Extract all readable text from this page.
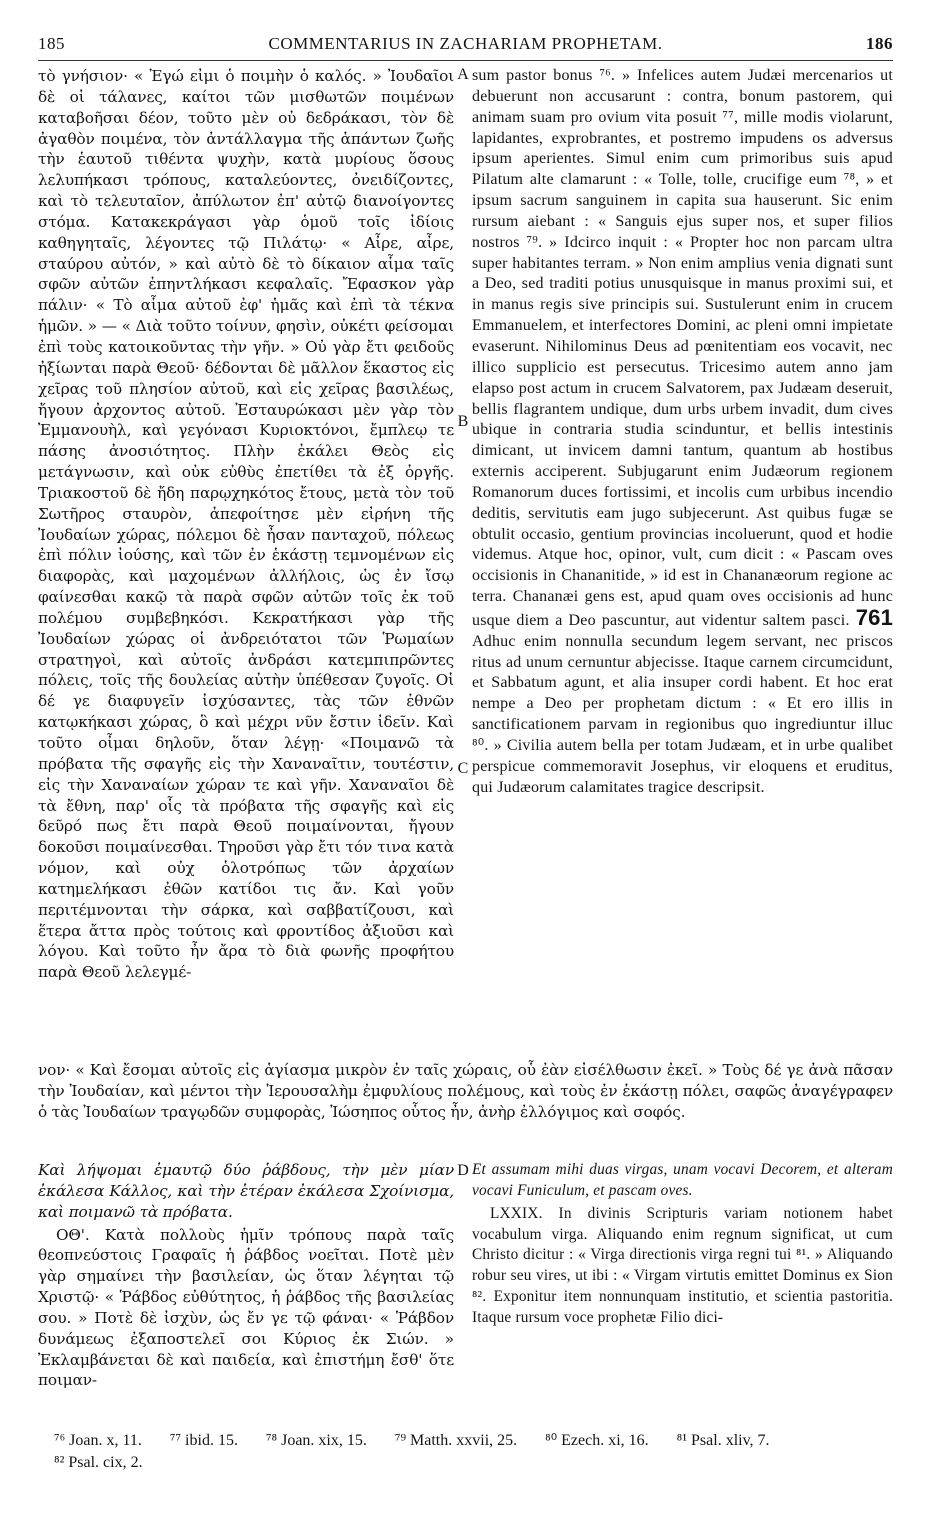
185	COMMENTARIUS IN ZACHARIAM PROPHETAM.	186

τὸ γνήσιον· « Ἐγώ εἰμι ὁ ποιμὴν ὁ καλός. » Ἰουδαῖοι δὲ οἱ τάλανες, καίτοι τῶν μισθωτῶν ποιμένων καταβοῆσαι δέον, τοῦτο μὲν οὐ δεδράκασι, τὸν δὲ ἀγαθὸν ποιμένα, τὸν ἀντάλλαγμα τῆς ἁπάντων ζωῆς τὴν ἑαυτοῦ τιθέντα ψυχὴν, κατὰ μυρίους ὅσους λελυπήκασι τρόπους, καταλεύοντες, ὀνειδίζοντες, καὶ τὸ τελευταῖον, ἀπύλωτον ἐπ' αὐτῷ διανοίγοντες στόμα. Κατακεκράγασι γὰρ ὁμοῦ τοῖς ἰδίοις καθηγηταῖς, λέγοντες τῷ Πιλάτῳ· « Αἶρε, αἶρε, σταύρου αὐτόν, » καὶ αὐτὸ δὲ τὸ δίκαιον αἷμα ταῖς σφῶν αὐτῶν ἐπηντλήκασι κεφαλαῖς. Ἔφασκον γὰρ πάλιν· « Τὸ αἷμα αὐτοῦ ἐφ' ἡμᾶς καὶ ἐπὶ τὰ τέκνα ἡμῶν. » — « Διὰ τοῦτο τοίνυν, φησὶν, οὐκέτι φείσομαι ἐπὶ τοὺς κατοικοῦντας τὴν γῆν. » Οὐ γὰρ ἔτι φειδοῦς ἠξίωνται παρὰ Θεοῦ· δέδονται δὲ μᾶλλον ἕκαστος εἰς χεῖρας τοῦ πλησίον αὐτοῦ, καὶ εἰς χεῖρας βασιλέως, ἤγουν ἀρχοντος αὐτοῦ. Ἐσταυρώκασι μὲν γὰρ τὸν Ἐμμανουὴλ, καὶ γεγόνασι Κυριοκτόνοι, ἔμπλεῳ τε πάσης ἀνοσιότητος. Πλὴν ἐκάλει Θεὸς εἰς μετάγνωσιν, καὶ οὐκ εὐθὺς ἐπετίθει τὰ ἐξ ὀργῆς. Τριακοστοῦ δὲ ἤδη παρῳχηκότος ἔτους, μετὰ τὸν τοῦ Σωτῆρος σταυρὸν, ἀπεφοίτησε μὲν εἰρήνη τῆς Ἰουδαίων χώρας, πόλεμοι δὲ ἦσαν πανταχοῦ, πόλεως ἐπὶ πόλιν ἰούσης, καὶ τῶν ἐν ἑκάστῃ τεμνομένων εἰς διαφορὰς, καὶ μαχομένων ἀλλήλοις, ὡς ἐν ἴσῳ φαίνεσθαι κακῷ τὰ παρὰ σφῶν αὐτῶν τοῖς ἐκ τοῦ πολέμου συμβεβηκόσι. Κεκρατήκασι γὰρ τῆς Ἰουδαίων χώρας οἱ ἀνδρειότατοι τῶν Ῥωμαίων στρατηγοὶ, καὶ αὐτοῖς ἀνδράσι κατεμπιπρῶντες πόλεις, τοῖς τῆς δουλείας αὐτὴν ὑπέθεσαν ζυγοῖς. Οἱ δέ γε διαφυγεῖν ἰσχύσαντες, τὰς τῶν ἐθνῶν κατῳκήκασι χώρας, ὃ καὶ μέχρι νῦν ἔστιν ἰδεῖν. Καὶ τοῦτο οἶμαι δηλοῦν, ὅταν λέγῃ· «Ποιμανῶ τὰ πρόβατα τῆς σφαγῆς εἰς τὴν Χαναναῖτιν, τουτέστιν, εἰς τὴν Χαναναίων χώραν τε καὶ γῆν. Χαναναῖοι δὲ τὰ ἔθνη, παρ' οἷς τὰ πρόβατα τῆς σφαγῆς καὶ εἰς δεῦρό πως ἔτι παρὰ Θεοῦ ποιμαίνονται, ἤγουν δοκοῦσι ποιμαίνεσθαι. Τηροῦσι γὰρ ἔτι τόν τινα κατὰ νόμον, καὶ οὐχ ὁλοτρόπως τῶν ἀρχαίων κατημελήκασι ἐθῶν κατίδοι τις ἄν. Καὶ γοῦν περιτέμνονται τὴν σάρκα, καὶ σαββατίζουσι, καὶ ἕτερα ἄττα πρὸς τούτοις καὶ φροντίδος ἀξιοῦσι καὶ λόγου. Καὶ τοῦτο ἦν ἄρα τὸ διὰ φωνῆς προφήτου παρὰ Θεοῦ λελεγμέ-

A
B
C
D

sum pastor bonus ⁷⁶. » Infelices autem Judæi mercenarios ut debuerunt non accusarunt : contra, bonum pastorem, qui animam suam pro ovium vita posuit ⁷⁷, mille modis violarunt, lapidantes, exprobrantes, et postremo impudens os adversus ipsum aperientes. Simul enim cum primoribus suis apud Pilatum alte clamarunt : « Tolle, tolle, crucifige eum ⁷⁸, » et ipsum sacrum sanguinem in capita sua hauserunt. Sic enim rursum aiebant : « Sanguis ejus super nos, et super filios nostros ⁷⁹. » Idcirco inquit : « Propter hoc non parcam ultra super habitantes terram. » Non enim amplius venia dignati sunt a Deo, sed traditi potius unusquisque in manus proximi sui, et in manus regis sive principis sui. Sustulerunt enim in crucem Emmanuelem, et interfectores Domini, ac pleni omni impietate evaserunt. Nihilominus Deus ad pœnitentiam eos vocavit, nec illico supplicio est persecutus. Tricesimo autem anno jam elapso post actum in crucem Salvatorem, pax Judæam deseruit, bellis flagrantem undique, dum urbs urbem invadit, dum cives ubique in contraria studia scinduntur, et bellis intestinis dimicant, ut invicem damni tantum, quantum ab hostibus externis acciperent. Subjugarunt enim Judæorum regionem Romanorum duces fortissimi, et incolis cum urbibus incendio deditis, servitutis eam jugo subjecerunt. Ast quibus fugæ se obtulit occasio, gentium provincias incoluerunt, quod et hodie videmus. Atque hoc, opinor, vult, cum dicit : « Pascam oves occisionis in Chananitide, » id est in Chananæorum regione ac terra. Chananæi gens est, apud quam oves occisionis ad hunc usque diem a Deo pascuntur, aut videntur saltem pasci. 761 Adhuc enim nonnulla secundum legem servant, nec priscos ritus ad unum cernuntur abjecisse. Itaque carnem circumcidunt, et Sabbatum agunt, et alia insuper cordi habent. Et hoc erat nempe a Deo per prophetam dictum : « Et ero illis in sanctificationem parvam in regionibus quo ingrediuntur illuc ⁸⁰. » Civilia autem bella per totam Judæam, et in urbe qualibet perspicue commemoravit Josephus, vir eloquens et eruditus, qui Judæorum calamitates tragice descripsit.

νον· « Καὶ ἔσομαι αὐτοῖς εἰς ἁγίασμα μικρὸν ἐν ταῖς χώραις, οὗ ἐὰν εἰσέλθωσιν ἐκεῖ. » Τοὺς δέ γε ἀνὰ πᾶσαν τὴν Ἰουδαίαν, καὶ μέντοι τὴν Ἱερουσαλὴμ ἐμφυλίους πολέμους, καὶ τοὺς ἐν ἑκάστῃ πόλει, σαφῶς ἀναγέγραφεν ὁ τὰς Ἰουδαίων τραγῳδῶν συμφορὰς, Ἰώσηπος οὗτος ἦν, ἀνὴρ ἐλλόγιμος καὶ σοφός.

Καὶ λήψομαι ἐμαυτῷ δύο ῥάβδους, τὴν μὲν μίαν ἐκάλεσα Κάλλος, καὶ τὴν ἑτέραν ἐκάλεσα Σχοίνισμα, καὶ ποιμανῶ τὰ πρόβατα.

ΟΘ'. Κατὰ πολλοὺς ἡμῖν τρόπους παρὰ ταῖς θεοπνεύστοις Γραφαῖς ἡ ῥάβδος νοεῖται. Ποτὲ μὲν γὰρ σημαίνει τὴν βασιλείαν, ὡς ὅταν λέγηται τῷ Χριστῷ· « Ῥάβδος εὐθύτητος, ἡ ῥάβδος τῆς βασιλείας σου. » Ποτὲ δὲ ἰσχὺν, ὡς ἔν γε τῷ φάναι· « Ῥάβδον δυνάμεως ἐξαποστελεῖ σοι Κύριος ἐκ Σιών. » Ἐκλαμβάνεται δὲ καὶ παιδεία, καὶ ἐπιστήμη ἔσθ' ὅτε ποιμαν-

Et assumam mihi duas virgas, unam vocavi Decorem, et alteram vocavi Funiculum, et pascam oves.

LXXIX. In divinis Scripturis variam notionem habet vocabulum virga. Aliquando enim regnum significat, ut cum Christo dicitur : « Virga directionis virga regni tui ⁸¹. » Aliquando robur seu vires, ut ibi : « Virgam virtutis emittet Dominus ex Sion ⁸². Exponitur item nonnunquam institutio, et scientia pastoritia. Itaque rursum voce prophetæ Filio dici-

⁷⁶ Joan. x, 11. ⁷⁷ ibid. 15. ⁷⁸ Joan. xix, 15. ⁷⁹ Matth. xxvii, 25. ⁸⁰ Ezech. xi, 16. ⁸¹ Psal. xliv, 7.
⁸² Psal. cix, 2.
